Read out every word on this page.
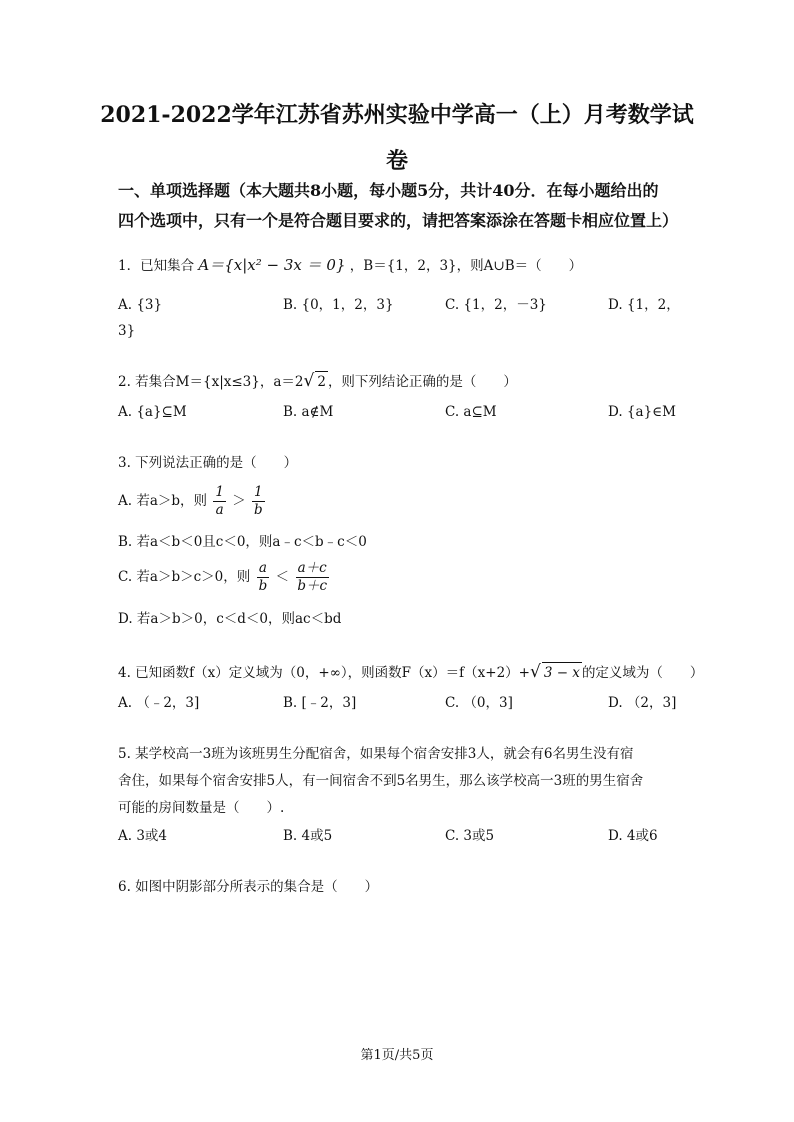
2021-2022学年江苏省苏州实验中学高一（上）月考数学试
卷
一、单项选择题（本大题共8小题，每小题5分，共计40分．在每小题给出的
四个选项中，只有一个是符合题目要求的，请把答案添涂在答题卡相应位置上）
1．已知集合 A＝{x|x² − 3x ＝ 0} ，B＝{1，2，3}，则A∪B＝（　　）
A. {3}	B. {0，1，2，3}	C. {1，2，－3}	D. {1，2，
3}
2. 若集合M＝{x|x≤3}，a＝2√ 2 ，则下列结论正确的是（　　）
A. {a}⊆M	B. a∉M	C. a⊆M	D. {a}∈M
3. 下列说法正确的是（　　）
A. 若a＞b，则 $\frac{1}{a} > \frac{1}{b}$
B. 若a＜b＜0且c＜0，则a﹣c＜b﹣c＜0
C. 若a＞b＞c＞0，则 $\frac{a}{b} < \frac{a+c}{b+c}$
D. 若a＞b＞0，c＜d＜0，则ac＜bd
4. 已知函数f（x）定义域为（0，+∞），则函数F（x）＝f（x+2）+√ 3 − x 的定义域为（　　）
A. （﹣2，3]	B. [﹣2，3]	C. （0，3]	D. （2，3]
5. 某学校高一3班为该班男生分配宿舍，如果每个宿舍安排3人，就会有6名男生没有宿
舍住，如果每个宿舍安排5人，有一间宿舍不到5名男生，那么该学校高一3班的男生宿舍
可能的房间数量是（　　）.
A. 3或4	B. 4或5	C. 3或5	D. 4或6
6. 如图中阴影部分所表示的集合是（　　）
第1页/共5页
